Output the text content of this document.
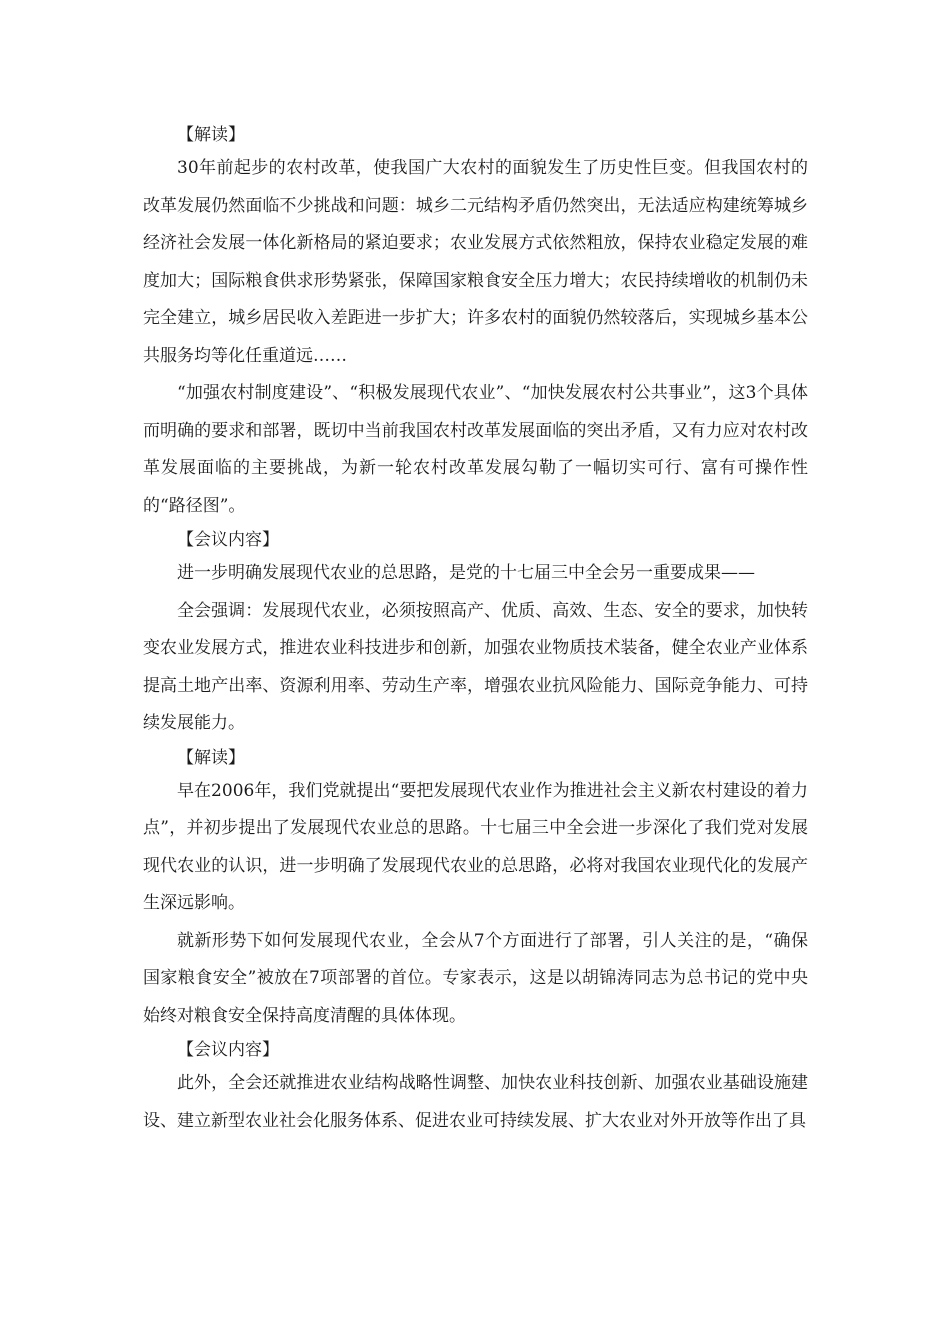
【解读】

30年前起步的农村改革，使我国广大农村的面貌发生了历史性巨变。但我国农村的改革发展仍然面临不少挑战和问题：城乡二元结构矛盾仍然突出，无法适应构建统筹城乡经济社会发展一体化新格局的紧迫要求；农业发展方式依然粗放，保持农业稳定发展的难度加大；国际粮食供求形势紧张，保障国家粮食安全压力增大；农民持续增收的机制仍未完全建立，城乡居民收入差距进一步扩大；许多农村的面貌仍然较落后，实现城乡基本公共服务均等化任重道远……

“加强农村制度建设”、“积极发展现代农业”、“加快发展农村公共事业”，这3个具体而明确的要求和部署，既切中当前我国农村改革发展面临的突出矛盾，又有力应对农村改革发展面临的主要挑战，为新一轮农村改革发展勾勒了一幅切实可行、富有可操作性的“路径图”。

【会议内容】

进一步明确发展现代农业的总思路，是党的十七届三中全会另一重要成果——

全会强调：发展现代农业，必须按照高产、优质、高效、生态、安全的要求，加快转变农业发展方式，推进农业科技进步和创新，加强农业物质技术装备，健全农业产业体系提高土地产出率、资源利用率、劳动生产率，增强农业抗风险能力、国际竞争能力、可持续发展能力。

【解读】

早在2006年，我们党就提出“要把发展现代农业作为推进社会主义新农村建设的着力点”，并初步提出了发展现代农业总的思路。十七届三中全会进一步深化了我们党对发展现代农业的认识，进一步明确了发展现代农业的总思路，必将对我国农业现代化的发展产生深远影响。

就新形势下如何发展现代农业，全会从7个方面进行了部署，引人关注的是，“确保国家粮食安全”被放在7项部署的首位。专家表示，这是以胡锦涛同志为总书记的党中央始终对粮食安全保持高度清醒的具体体现。

【会议内容】

此外，全会还就推进农业结构战略性调整、加快农业科技创新、加强农业基础设施建设、建立新型农业社会化服务体系、促进农业可持续发展、扩大农业对外开放等作出了具
